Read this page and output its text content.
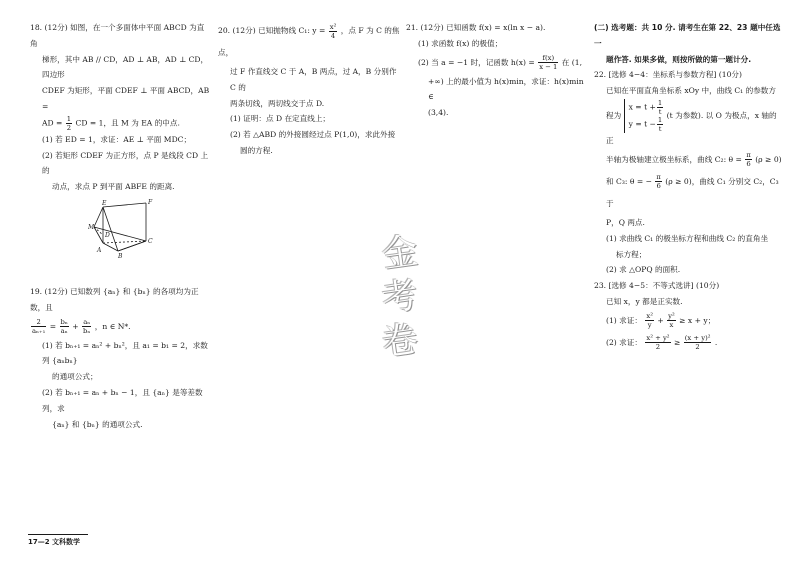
18. (12分) 如图，在一个多面体中平面 ABCD 为直角

梯形，其中 AB // CD，AD ⊥ AB，AD ⊥ CD，四边形

CDEF 为矩形，平面 CDEF ⊥ 平面 ABCD，AB =

AD = $\frac{1}{2}$ CD = 1，且 M 为 EA 的中点.

(1) 若 ED = 1，求证：AE ⊥ 平面 MDC；

(2) 若矩形 CDEF 为正方形，点 P 是线段 CD 上的

动点，求点 P 到平面 ABFE 的距离.

E	F
M
D
C
A
B

19. (12分) 已知数列 {aₙ} 和 {bₙ} 的各项均为正数，且

$\frac{2}{\text{aₙ₊₁}} = \frac{\text{bₙ}}{\text{aₙ}} + \frac{\text{aₙ}}{\text{bₙ}}$ ，n ∈ N*.

(1) 若 bₙ₊₁ = aₙ² + bₙ²，且 a₁ = b₁ = 2，求数列 {aₙbₙ}

的通项公式；

(2) 若 bₙ₊₁ = aₙ + bₙ − 1，且 {aₙ} 是等差数列，求

{aₙ} 和 {bₙ} 的通项公式.

20. (12分) 已知抛物线 C₁: $y = \frac{\text{x²}}{4}$ ，点 F 为 C 的焦点，

过 F 作直线交 C 于 A，B 两点，过 A，B 分别作 C 的

两条切线，两切线交于点 D.

(1) 证明：点 D 在定直线上；

(2) 若 △ABD 的外接圆经过点 P(1,0)，求此外接

圆的方程.

21. (12分) 已知函数 f(x) = x(ln x − a).

(1) 求函数 f(x) 的极值；

(2) 当 a = −1 时，记函数 $h(x) = \frac{f(x)}{x - 1}$ 在 (1,

+∞) 上的最小值为 h(x)min，求证：h(x)min ∈

(3,4).

(二) 选考题：共 10 分. 请考生在第 22、23 题中任选一

题作答. 如果多做，则按所做的第一题计分.

22. [选修 4−4：坐标系与参数方程] (10分)

已知在平面直角坐标系 xOy 中，曲线 C₁ 的参数方

程为
$x = t + \frac{1}{t}$
$y = t - \frac{1}{t}$
(t 为参数). 以 O 为极点，x 轴的正

半轴为极轴建立极坐标系，曲线 C₂: $\theta = \frac{\pi}{6} (\rho \ge 0)$

和 C₃: θ = − $\frac{\pi}{6} (\rho \ge 0)$，曲线 C₁ 分别交 C₂，C₃ 于

P，Q 两点.

(1) 求曲线 C₁ 的极坐标方程和曲线 C₂ 的直角坐

标方程；

(2) 求 △OPQ 的面积.

23. [选修 4−5：不等式选讲] (10分)

已知 x，y 都是正实数.

(1) 求证： $\frac{\text{x²}}{y} + \frac{\text{y²}}{x} \ge x + y$；

(2) 求证： $\frac{\text{x² + y²}}{2} \ge \frac{\text{(x + y)²}}{2}$ .

金
考
卷
17—2 文科数学
